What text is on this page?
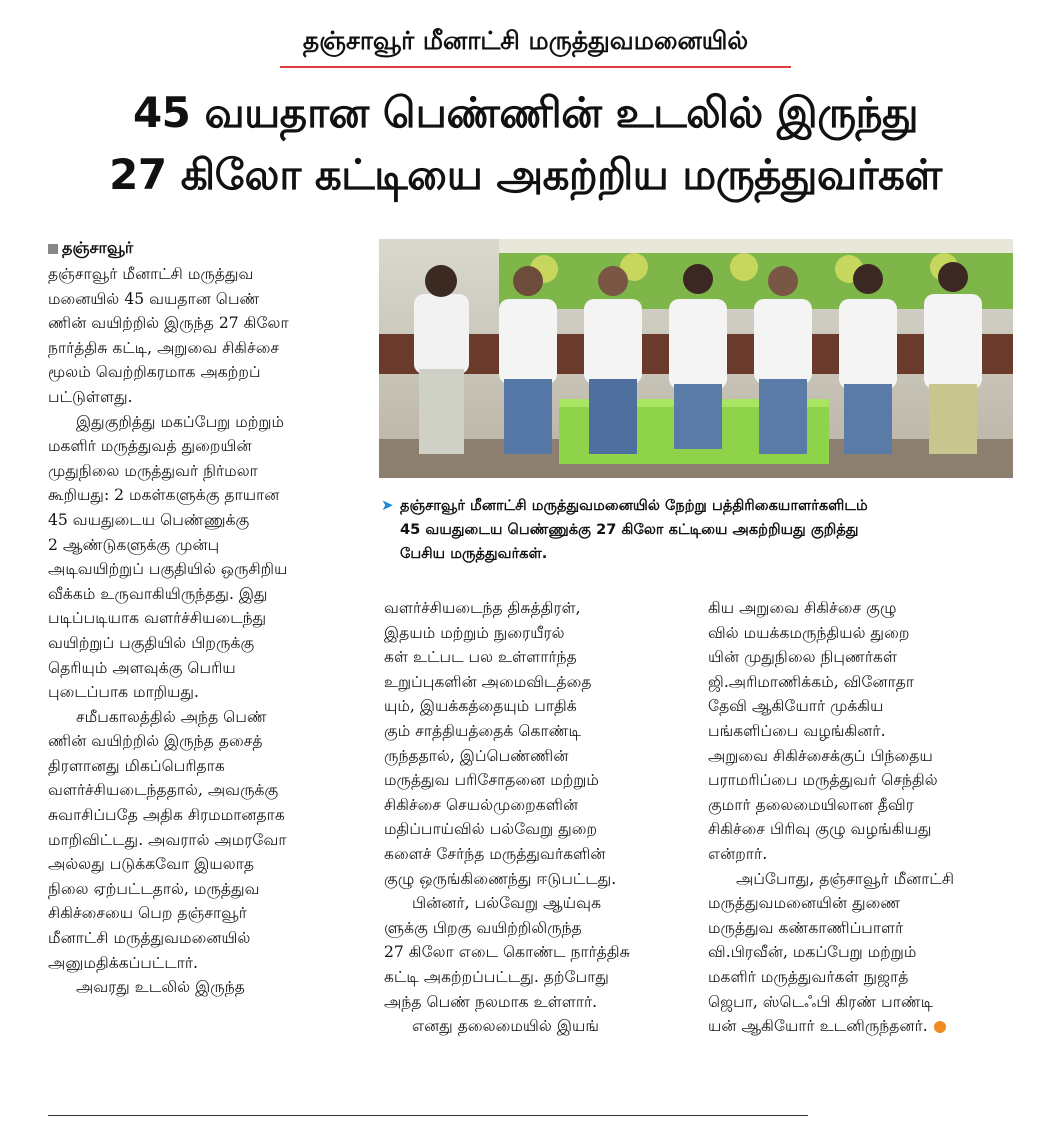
தஞ்சாவூர் மீனாட்சி மருத்துவமனையில்
45 வயதான பெண்ணின் உடலில் இருந்து
27 கிலோ கட்டியை அகற்றிய மருத்துவர்கள்
தஞ்சாவூர்

தஞ்சாவூர் மீனாட்சி மருத்துவ

மனையில் 45 வயதான பெண்

ணின் வயிற்றில் இருந்த 27 கிலோ

நார்த்திசு கட்டி, அறுவை சிகிச்சை

மூலம் வெற்றிகரமாக அகற்றப்

பட்டுள்ளது.

இதுகுறித்து மகப்பேறு மற்றும்

மகளிர் மருத்துவத் துறையின்

முதுநிலை மருத்துவர் நிர்மலா

கூறியது: 2 மகள்களுக்கு தாயான

45 வயதுடைய பெண்ணுக்கு

2 ஆண்டுகளுக்கு முன்பு

அடிவயிற்றுப் பகுதியில் ஒருசிறிய

வீக்கம் உருவாகியிருந்தது. இது

படிப்படியாக வளர்ச்சியடைந்து

வயிற்றுப் பகுதியில் பிறருக்கு

தெரியும் அளவுக்கு பெரிய

புடைப்பாக மாறியது.

சமீபகாலத்தில் அந்த பெண்

ணின் வயிற்றில் இருந்த தசைத்

திரளானது மிகப்பெரிதாக

வளர்ச்சியடைந்ததால், அவருக்கு

சுவாசிப்பதே அதிக சிரமமானதாக

மாறிவிட்டது. அவரால் அமரவோ

அல்லது படுக்கவோ இயலாத

நிலை ஏற்பட்டதால், மருத்துவ

சிகிச்சையை பெற தஞ்சாவூர்

மீனாட்சி மருத்துவமனையில்

அனுமதிக்கப்பட்டார்.

அவரது உடலில் இருந்த

➤ தஞ்சாவூர் மீனாட்சி மருத்துவமனையில் நேற்று பத்திரிகையாளர்களிடம்

45 வயதுடைய பெண்ணுக்கு 27 கிலோ கட்டியை அகற்றியது குறித்து

பேசிய மருத்துவர்கள்.

வளர்ச்சியடைந்த திசுத்திரள்,

இதயம் மற்றும் நுரையீரல்

கள் உட்பட பல உள்ளார்ந்த

உறுப்புகளின் அமைவிடத்தை

யும், இயக்கத்தையும் பாதிக்

கும் சாத்தியத்தைக் கொண்டி

ருந்ததால், இப்பெண்ணின்

மருத்துவ பரிசோதனை மற்றும்

சிகிச்சை செயல்முறைகளின்

மதிப்பாய்வில் பல்வேறு துறை

களைச் சேர்ந்த மருத்துவர்களின்

குழு ஒருங்கிணைந்து ஈடுபட்டது.

பின்னர், பல்வேறு ஆய்வுக

ளுக்கு பிறகு வயிற்றிலிருந்த

27 கிலோ எடை கொண்ட நார்த்திசு

கட்டி அகற்றப்பட்டது. தற்போது

அந்த பெண் நலமாக உள்ளார்.

எனது தலைமையில் இயங்

கிய அறுவை சிகிச்சை குழு

வில் மயக்கமருந்தியல் துறை

யின் முதுநிலை நிபுணர்கள்

ஜி.அரிமாணிக்கம், வினோதா

தேவி ஆகியோர் முக்கிய

பங்களிப்பை வழங்கினர்.

அறுவை சிகிச்சைக்குப் பிந்தைய

பராமரிப்பை மருத்துவர் செந்தில்

குமார் தலைமையிலான தீவிர

சிகிச்சை பிரிவு குழு வழங்கியது

என்றார்.

அப்போது, தஞ்சாவூர் மீனாட்சி

மருத்துவமனையின் துணை

மருத்துவ கண்காணிப்பாளர்

வி.பிரவீன், மகப்பேறு மற்றும்

மகளிர் மருத்துவர்கள் நுஜாத்

ஜெபா, ஸ்டெஃபி கிரண் பாண்டி

யன் ஆகியோர் உடனிருந்தனர்.
